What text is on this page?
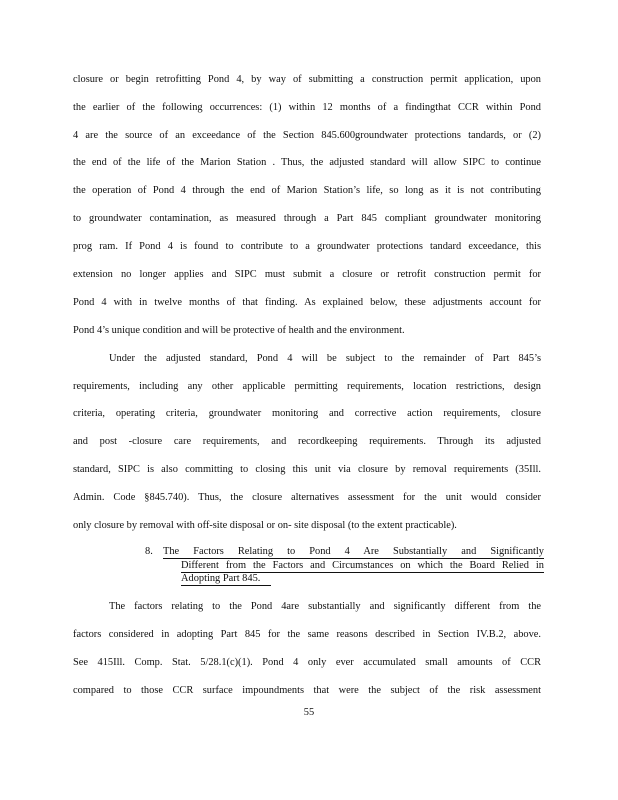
closure or begin retrofitting Pond 4, by way of submitting a construction permit application, upon
the earlier of the following occurrences: (1) within 12 months of a findingthat CCR within Pond
4 are the source of an exceedance of the Section 845.600groundwater protections tandards, or (2)
the end of the life of the Marion Station . Thus, the adjusted standard will allow SIPC to continue
the operation of Pond 4 through the end of Marion Station’s life, so long as it is not contributing
to groundwater contamination, as measured through a Part 845 compliant groundwater monitoring
prog ram. If Pond 4 is found to contribute to a groundwater protections tandard exceedance, this
extension no longer applies and SIPC must submit a closure or retrofit construction permit for
Pond 4 with in twelve months of that finding. As explained below, these adjustments account for
Pond 4’s unique condition and will be protective of health and the environment.
Under the adjusted standard, Pond 4 will be subject to the remainder of Part 845’s
requirements, including any other applicable permitting requirements, location restrictions, design
criteria, operating criteria, groundwater monitoring and corrective action requirements, closure
and post -closure care requirements, and recordkeeping requirements. Through its adjusted
standard, SIPC is also committing to closing this unit via closure by removal requirements (35Ill.
Admin. Code §845.740). Thus, the closure alternatives assessment for the unit would consider
only closure by removal with off-site disposal or on- site disposal (to the extent practicable).
8. The Factors Relating to Pond 4 Are Substantially and Significantly
Different from the Factors and Circumstances on which the Board Relied in
Adopting Part 845.
The factors relating to the Pond 4are substantially and significantly different from the
factors considered in adopting Part 845 for the same reasons described in Section IV.B.2, above.
See 415Ill. Comp. Stat. 5/28.1(c)(1). Pond 4 only ever accumulated small amounts of CCR
compared to those CCR surface impoundments that were the subject of the risk assessment
55
